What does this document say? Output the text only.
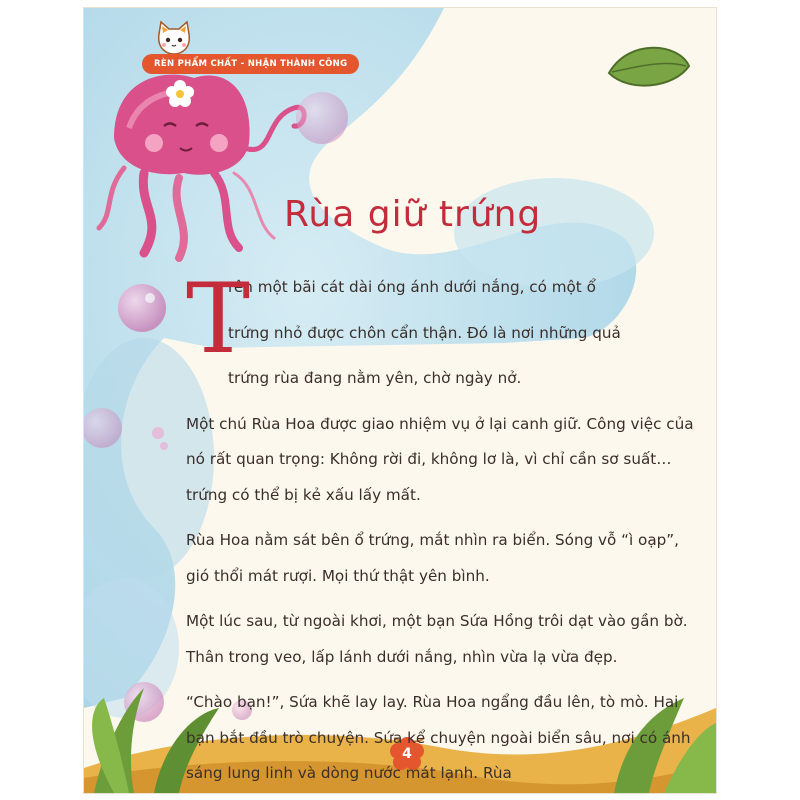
RÈN PHẨM CHẤT - NHẬN THÀNH CÔNG
Rùa giữ trứng
T
rên một bãi cát dài óng ánh dưới nắng, có một ổ
trứng nhỏ được chôn cẩn thận. Đó là nơi những quả
trứng rùa đang nằm yên, chờ ngày nở.

Một chú Rùa Hoa được giao nhiệm vụ ở lại canh giữ. Công việc của nó rất quan trọng: Không rời đi, không lơ là, vì chỉ cần sơ suất… trứng có thể bị kẻ xấu lấy mất.

Rùa Hoa nằm sát bên ổ trứng, mắt nhìn ra biển. Sóng vỗ “ì oạp”, gió thổi mát rượi. Mọi thứ thật yên bình.

Một lúc sau, từ ngoài khơi, một bạn Sứa Hồng trôi dạt vào gần bờ. Thân trong veo, lấp lánh dưới nắng, nhìn vừa lạ vừa đẹp.

“Chào bạn!”, Sứa khẽ lay lay. Rùa Hoa ngẩng đầu lên, tò mò. Hai bạn bắt đầu trò chuyện. Sứa kể chuyện ngoài biển sâu, nơi có ánh sáng lung linh và dòng nước mát lạnh. Rùa

4
